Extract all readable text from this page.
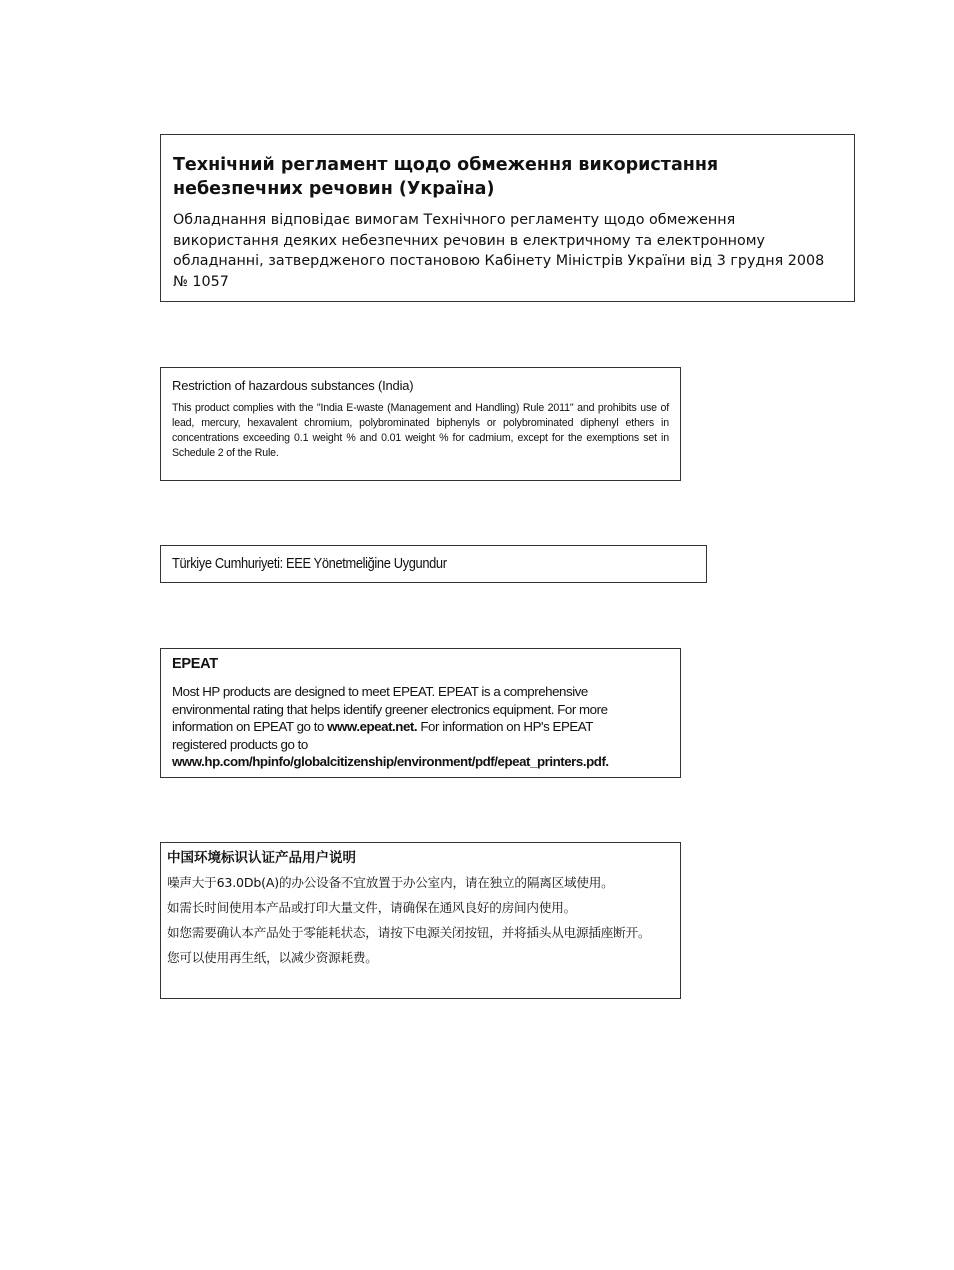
Технічний регламент щодо обмеження використання небезпечних речовин (Україна)

Обладнання відповідає вимогам Технічного регламенту щодо обмеження використання деяких небезпечних речовин в електричному та електронному обладнанні, затвердженого постановою Кабінету Міністрів України від 3 грудня 2008 № 1057

Restriction of hazardous substances (India)

This product complies with the "India E-waste (Management and Handling) Rule 2011" and prohibits use of lead, mercury, hexavalent chromium, polybrominated biphenyls or polybrominated diphenyl ethers in concentrations exceeding 0.1 weight % and 0.01 weight % for cadmium, except for the exemptions set in Schedule 2 of the Rule.

Türkiye Cumhuriyeti: EEE Yönetmeliğine Uygundur

EPEAT

Most HP products are designed to meet EPEAT. EPEAT is a comprehensive
environmental rating that helps identify greener electronics equipment. For more
information on EPEAT go to www.epeat.net. For information on HP's EPEAT
registered products go to
www.hp.com/hpinfo/globalcitizenship/environment/pdf/epeat_printers.pdf.

中国环境标识认证产品用户说明

噪声大于63.0Db(A)的办公设备不宜放置于办公室内，请在独立的隔离区域使用。

如需长时间使用本产品或打印大量文件，请确保在通风良好的房间内使用。

如您需要确认本产品处于零能耗状态，请按下电源关闭按钮，并将插头从电源插座断开。

您可以使用再生纸，以减少资源耗费。
